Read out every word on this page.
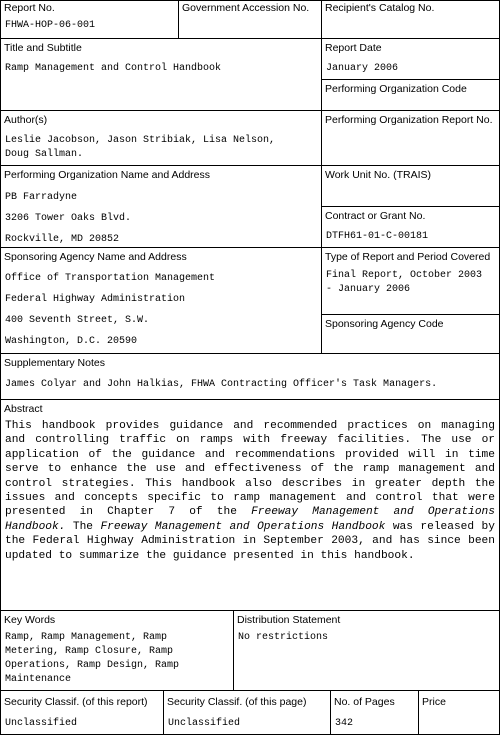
Report No.
FHWA-HOP-06-001
Government Accession No.	Recipient's Catalog No.
Title and Subtitle
Ramp Management and Control Handbook
Report Date
January 2006
Performing Organization Code
Author(s)
Leslie Jacobson, Jason Stribiak, Lisa Nelson,
Doug Sallman.
Performing Organization Report No.
Performing Organization Name and Address
PB Farradyne
3206 Tower Oaks Blvd.
Rockville, MD 20852
Work Unit No. (TRAIS)
Contract or Grant No.
DTFH61-01-C-00181
Sponsoring Agency Name and Address
Office of Transportation Management
Federal Highway Administration
400 Seventh Street, S.W.
Washington, D.C. 20590
Type of Report and Period Covered
Final Report, October 2003
- January 2006
Sponsoring Agency Code
Supplementary Notes
James Colyar and John Halkias, FHWA Contracting Officer's Task Managers.
Abstract
This handbook provides guidance and recommended practices on managing and controlling traffic on ramps with freeway facilities. The use or application of the guidance and recommendations provided will in time serve to enhance the use and effectiveness of the ramp management and control strategies. This handbook also describes in greater depth the issues and concepts specific to ramp management and control that were presented in Chapter 7 of the Freeway Management and Operations Handbook. The Freeway Management and Operations Handbook was released by the Federal Highway Administration in September 2003, and has since been updated to summarize the guidance presented in this handbook.
Key Words
Ramp, Ramp Management, Ramp
Metering, Ramp Closure, Ramp
Operations, Ramp Design, Ramp
Maintenance
Distribution Statement
No restrictions
Security Classif. (of this report)
Unclassified
Security Classif. (of this page)
Unclassified
No. of Pages
342
Price
